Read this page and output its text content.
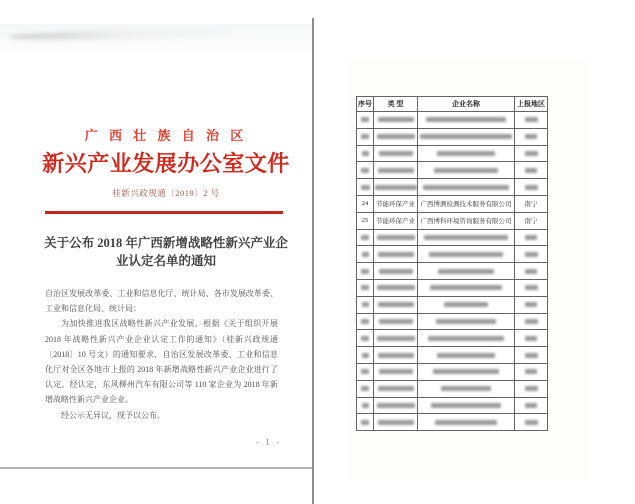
广 西 壮 族 自 治 区
新兴产业发展办公室文件
桂新兴政规通〔2019〕2 号
关于公布 2018 年广西新增战略性新兴产业企
业认定名单的通知

自治区发展改革委、工业和信息化厅、统计局、各市发展改革委、工业和信息化局、统计局：

为加快推进我区战略性新兴产业发展，根据《关于组织开展 2018 年战略性新兴产业企业认定工作的通知》（桂新兴政规通〔2018〕10 号文）的通知要求，自治区发展改革委、工业和信息化厅对全区各地市上报的 2018 年新增战略性新兴产业企业进行了认定。经认定，东风柳州汽车有限公司等 110 家企业为 2018 年新增战略性新兴产业企业。

经公示无异议，现予以公布。

- 1 -
序号	类 型	企业名称	上报地区

24	节能环保产业	广西博测检测技术服务有限公司	南宁
25	节能环保产业	广西博科环境咨询服务有限公司	南宁
